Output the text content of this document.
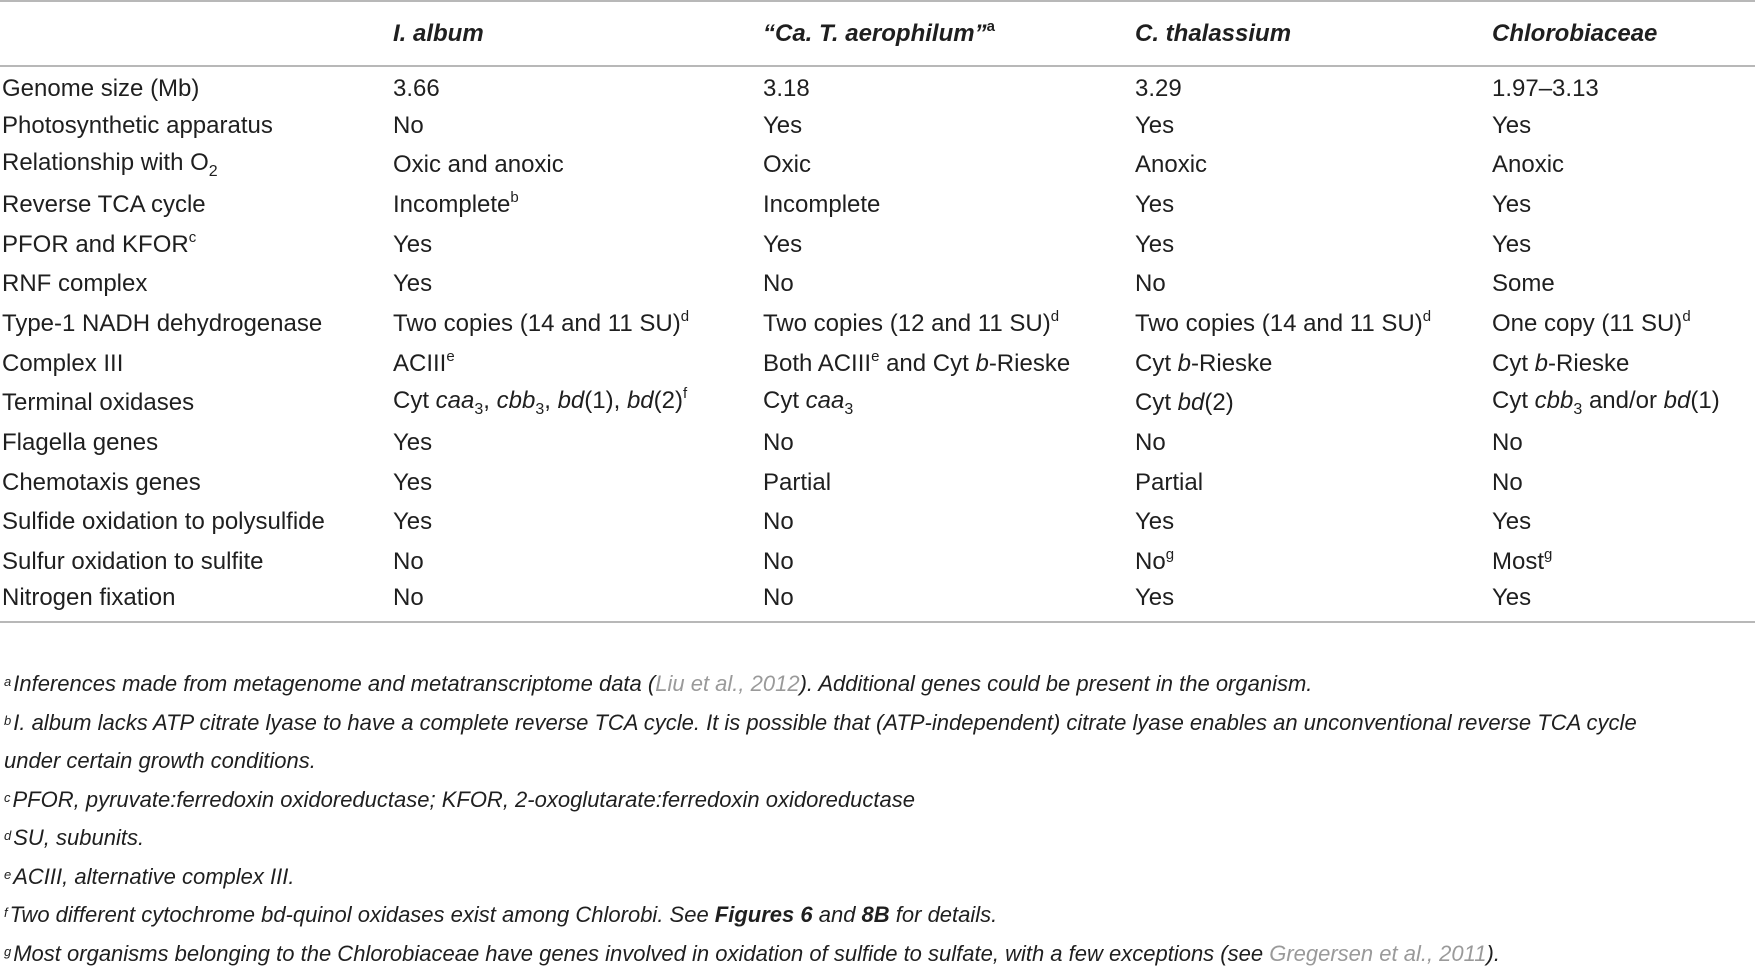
	I. album	“Ca. T. aerophilum”$^a$	C. thalassium	Chlorobiaceae
Genome size (Mb)	3.66	3.18	3.29	1.97–3.13
Photosynthetic apparatus	No	Yes	Yes	Yes
Relationship with $O_2$	Oxic and anoxic	Oxic	Anoxic	Anoxic
Reverse TCA cycle	Incomplete$^b$	Incomplete	Yes	Yes
PFOR and KFOR$^c$	Yes	Yes	Yes	Yes
RNF complex	Yes	No	No	Some
Type-1 NADH dehydrogenase	Two copies (14 and 11 SU)$^d$	Two copies (12 and 11 SU)$^d$	Two copies (14 and 11 SU)$^d$	One copy (11 SU)$^d$
Complex III	ACIII$^e$	Both ACIII$^e$ and Cyt b-Rieske	Cyt b-Rieske	Cyt b-Rieske
Terminal oxidases	Cyt caa$_3$, cbb$_3$, bd(1), $bd(2)^f$	Cyt caa$_3$	Cyt bd(2)	Cyt cbb$_3$ and/or bd(1)
Flagella genes	Yes	No	No	No
Chemotaxis genes	Yes	Partial	Partial	No
Sulfide oxidation to polysulfide	Yes	No	Yes	Yes
Sulfur oxidation to sulfite	No	No	No$^g$	Most$^g$
Nitrogen fixation	No	No	Yes	Yes
$^a$Inferences made from metagenome and metatranscriptome data (Liu et al., 2012). Additional genes could be present in the organism.
$^b$I. album lacks ATP citrate lyase to have a complete reverse TCA cycle. It is possible that (ATP-independent) citrate lyase enables an unconventional reverse TCA cycle
under certain growth conditions.
$^c$PFOR, pyruvate:ferredoxin oxidoreductase; KFOR, 2-oxoglutarate:ferredoxin oxidoreductase
$^d$SU, subunits.
$^e$ACIII, alternative complex III.
$^f$Two different cytochrome bd-quinol oxidases exist among Chlorobi. See Figures 6 and 8B for details.
$^g$Most organisms belonging to the Chlorobiaceae have genes involved in oxidation of sulfide to sulfate, with a few exceptions (see Gregersen et al., 2011).
